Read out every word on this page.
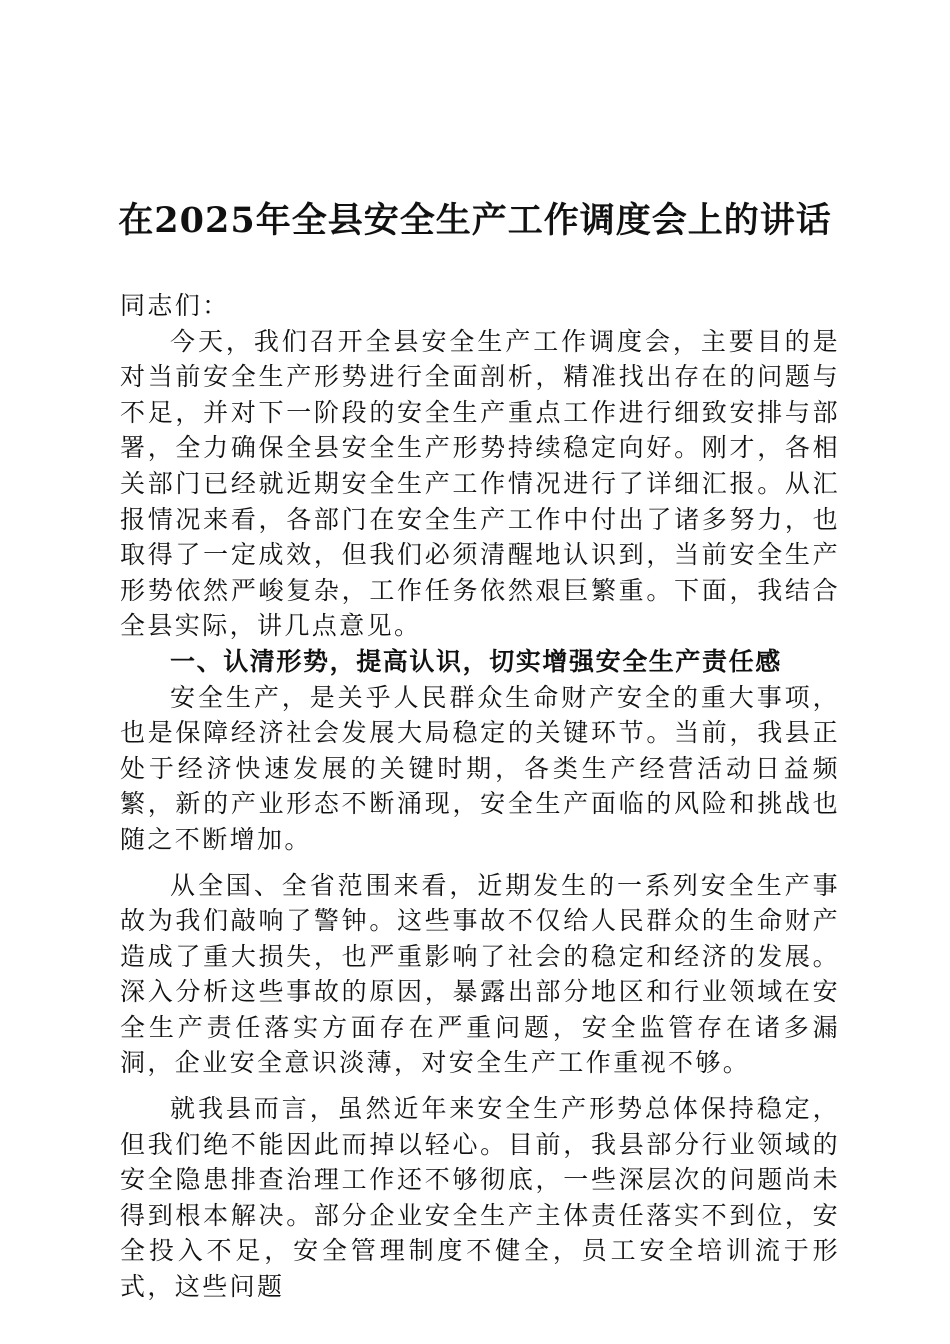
在2025年全县安全生产工作调度会上的讲话

同志们：

今天，我们召开全县安全生产工作调度会，主要目的是对当前安全生产形势进行全面剖析，精准找出存在的问题与不足，并对下一阶段的安全生产重点工作进行细致安排与部署，全力确保全县安全生产形势持续稳定向好。刚才，各相关部门已经就近期安全生产工作情况进行了详细汇报。从汇报情况来看，各部门在安全生产工作中付出了诸多努力，也取得了一定成效，但我们必须清醒地认识到，当前安全生产形势依然严峻复杂，工作任务依然艰巨繁重。下面，我结合全县实际，讲几点意见。

一、认清形势，提高认识，切实增强安全生产责任感

安全生产，是关乎人民群众生命财产安全的重大事项，也是保障经济社会发展大局稳定的关键环节。当前，我县正处于经济快速发展的关键时期，各类生产经营活动日益频繁，新的产业形态不断涌现，安全生产面临的风险和挑战也随之不断增加。

从全国、全省范围来看，近期发生的一系列安全生产事故为我们敲响了警钟。这些事故不仅给人民群众的生命财产造成了重大损失，也严重影响了社会的稳定和经济的发展。深入分析这些事故的原因，暴露出部分地区和行业领域在安全生产责任落实方面存在严重问题，安全监管存在诸多漏洞，企业安全意识淡薄，对安全生产工作重视不够。

就我县而言，虽然近年来安全生产形势总体保持稳定，但我们绝不能因此而掉以轻心。目前，我县部分行业领域的安全隐患排查治理工作还不够彻底，一些深层次的问题尚未得到根本解决。部分企业安全生产主体责任落实不到位，安全投入不足，安全管理制度不健全，员工安全培训流于形式，这些问题
